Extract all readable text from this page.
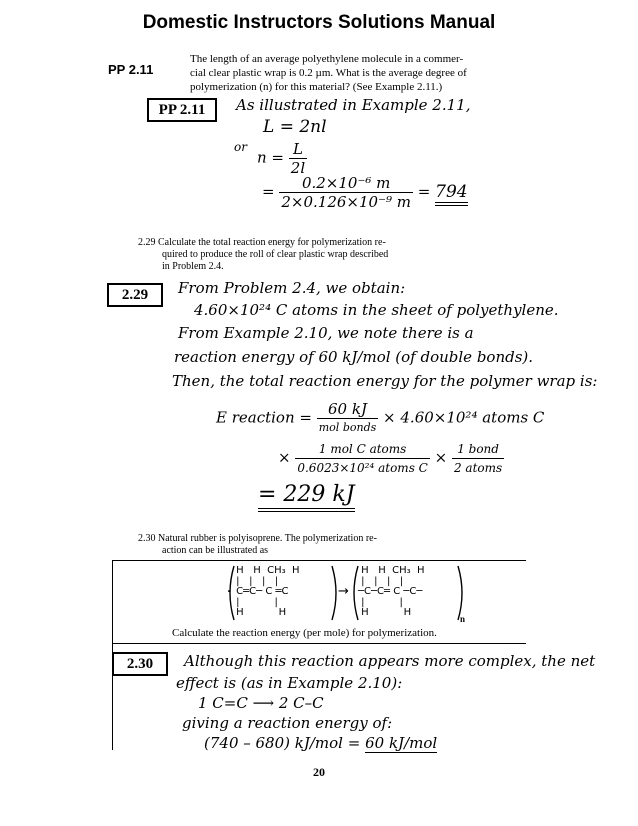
Domestic Instructors Solutions Manual
PP 2.11
The length of an average polyethylene molecule in a commer-
cial clear plastic wrap is 0.2 µm. What is the average degree of
polymerization (n) for this material? (See Example 2.11.)
PP 2.11	As illustrated in Example 2.11,
L = 2nl
or
$n = \frac{L}{2l}$
= $\frac{\text{0.2×10⁻⁶ m}}{\text{2×0.126×10⁻⁹ m}} = 794$
2.29 Calculate the total reaction energy for polymerization re-
quired to produce the roll of clear plastic wrap described
in Problem 2.4.
2.29	From Problem 2.4, we obtain:
4.60×10²⁴ C atoms in the sheet of polyethylene.
From Example 2.10, we note there is a
reaction energy of 60 kJ/mol (of double bonds).
Then, the total reaction energy for the polymer wrap is:
E reaction = $\frac{60 kJ}{\text{mol bonds}} \times 4.60\times 10^{24}$ atoms C
× $\frac{\text{1 mol C atoms}}{\text{0.6023×10²⁴ atoms C}} \times \frac{\text{1 bond}}{\text{2 atoms}}$
= 229 kJ
2.30 Natural rubber is polyisoprene. The polymerization re-
action can be illustrated as
·
H   H  CH₃  H
|   |   |   |
C═C─ C ═C
|           |
H           H
→
H   H  CH₃  H
|   |   |   |
─C─C═ C ─C─
|           |
H           H
n
Calculate the reaction energy (per mole) for polymerization.
2.30	Although this reaction appears more complex, the net
effect is (as in Example 2.10):
1 C=C ⟶ 2 C–C
giving a reaction energy of:
(740 – 680) kJ/mol = 60 kJ/mol
20
